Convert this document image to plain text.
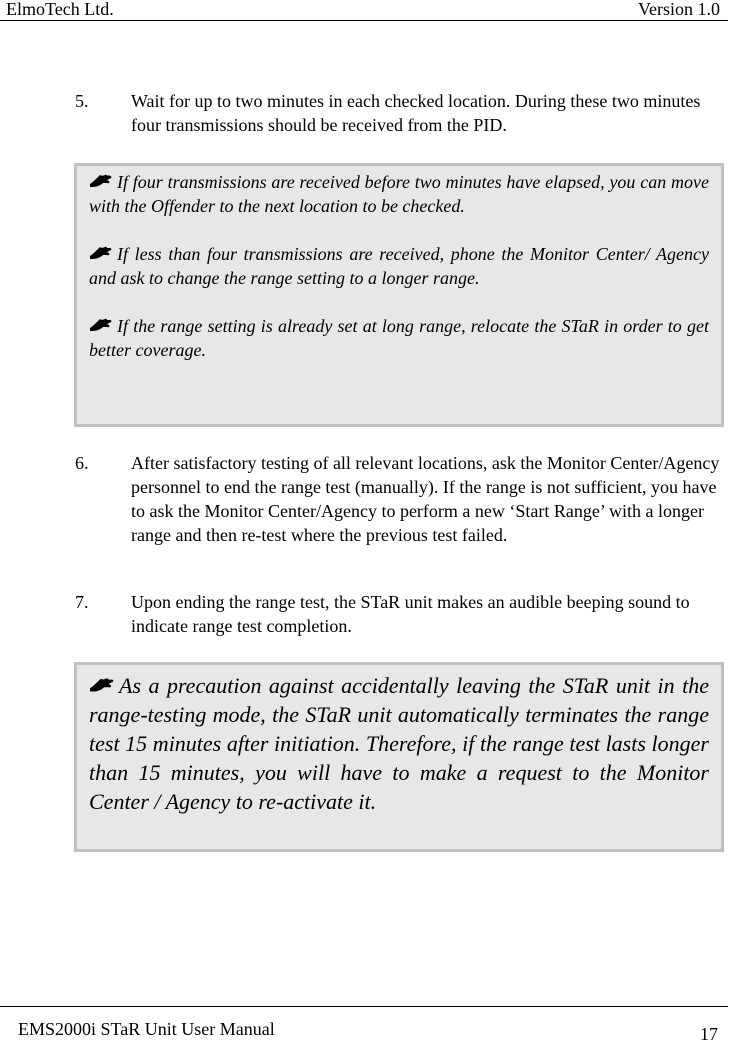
ElmoTech Ltd.	Version 1.0
5. Wait for up to two minutes in each checked location. During these two minutes four transmissions should be received from the PID.

If four transmissions are received before two minutes have elapsed, you can move with the Offender to the next location to be checked.

If less than four transmissions are received, phone the Monitor Center/ Agency and ask to change the range setting to a longer range.

If the range setting is already set at long range, relocate the STaR in order to get better coverage.

6. After satisfactory testing of all relevant locations, ask the Monitor Center/Agency personnel to end the range test (manually). If the range is not sufficient, you have to ask the Monitor Center/Agency to perform a new ‘Start Range’ with a longer range and then re-test where the previous test failed.
7. Upon ending the range test, the STaR unit makes an audible beeping sound to indicate range test completion.

As a precaution against accidentally leaving the STaR unit in the range-testing mode, the STaR unit automatically terminates the range test 15 minutes after initiation. Therefore, if the range test lasts longer than 15 minutes, you will have to make a request to the Monitor Center / Agency to re-activate it.

EMS2000i STaR Unit User Manual	17
